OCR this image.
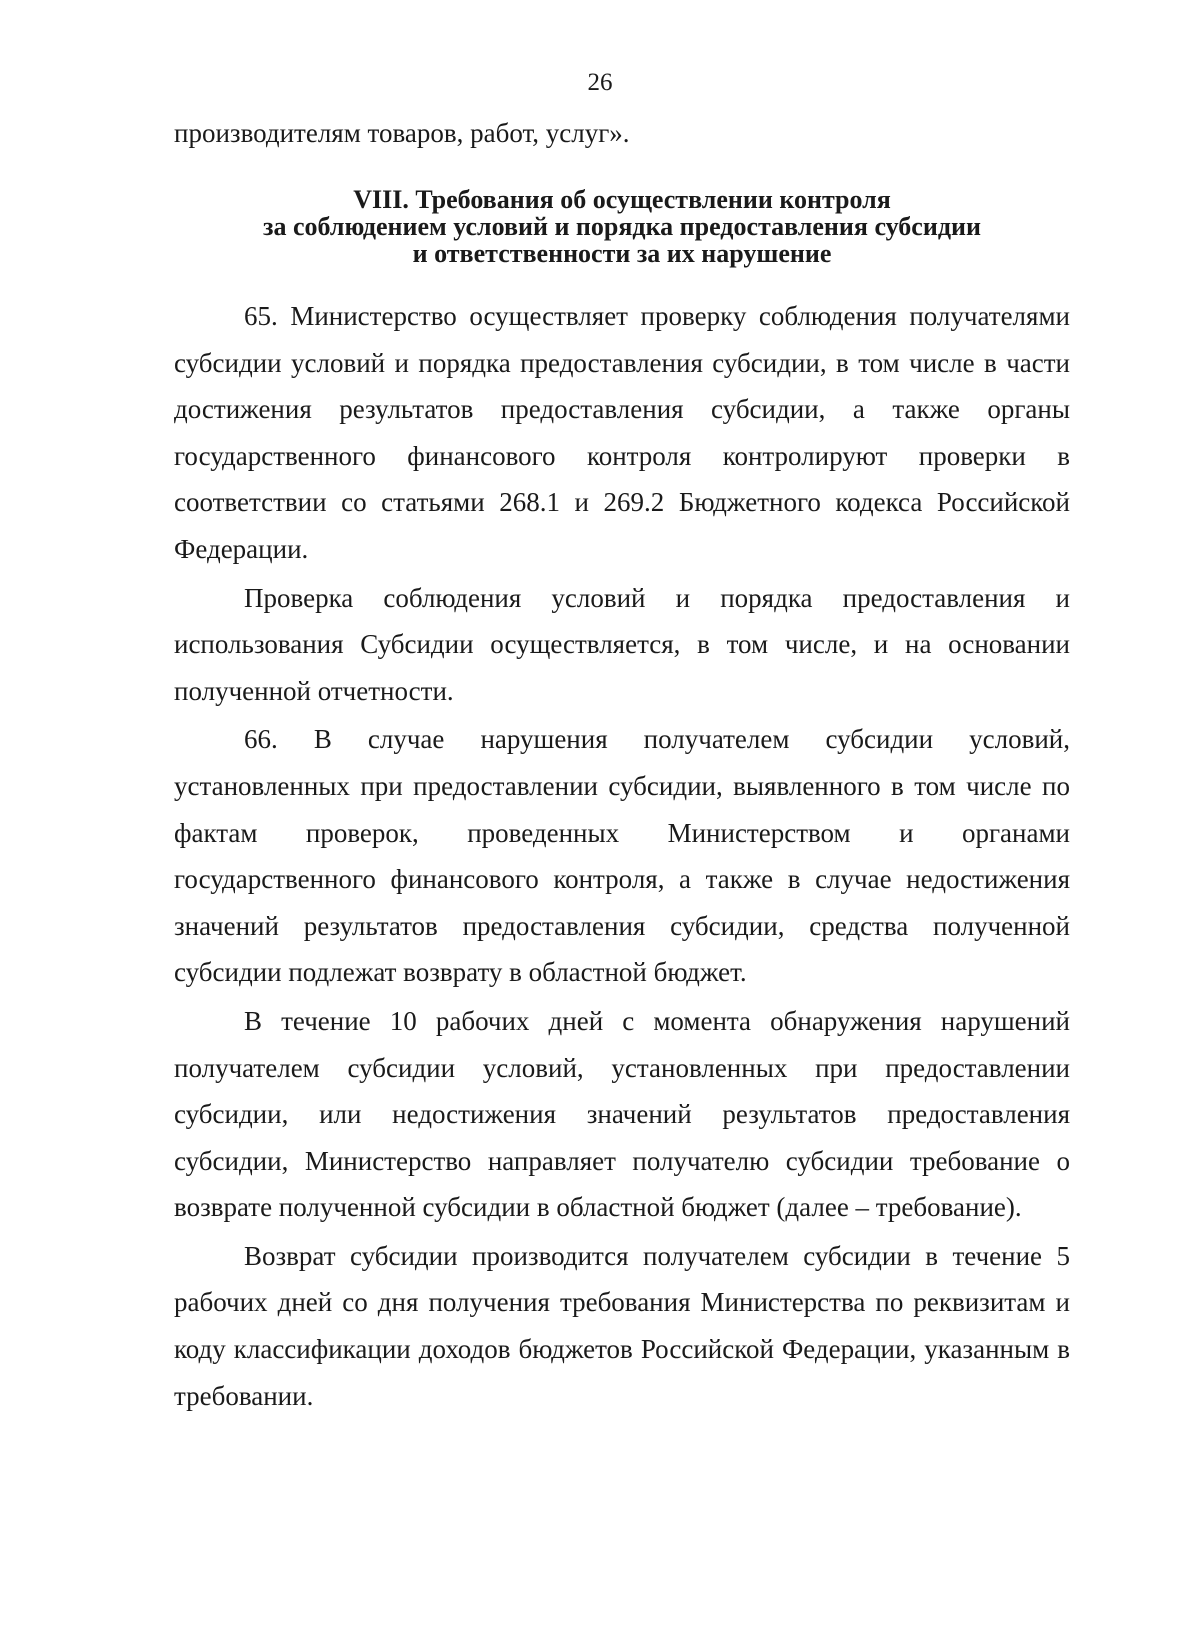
26
производителям товаров, работ, услуг».
VIII. Требования об осуществлении контроля
за соблюдением условий и порядка предоставления субсидии
и ответственности за их нарушение

65. Министерство осуществляет проверку соблюдения получателями субсидии условий и порядка предоставления субсидии, в том числе в части достижения результатов предоставления субсидии, а также органы государственного финансового контроля контролируют проверки в соответствии со статьями 268.1 и 269.2 Бюджетного кодекса Российской Федерации.

Проверка соблюдения условий и порядка предоставления и использования Субсидии осуществляется, в том числе, и на основании полученной отчетности.

66. В случае нарушения получателем субсидии условий, установленных при предоставлении субсидии, выявленного в том числе по фактам проверок, проведенных Министерством и органами государственного финансового контроля, а также в случае недостижения значений результатов предоставления субсидии, средства полученной субсидии подлежат возврату в областной бюджет.

В течение 10 рабочих дней с момента обнаружения нарушений получателем субсидии условий, установленных при предоставлении субсидии, или недостижения значений результатов предоставления субсидии, Министерство направляет получателю субсидии требование о возврате полученной субсидии в областной бюджет (далее – требование).

Возврат субсидии производится получателем субсидии в течение 5 рабочих дней со дня получения требования Министерства по реквизитам и коду классификации доходов бюджетов Российской Федерации, указанным в требовании.
